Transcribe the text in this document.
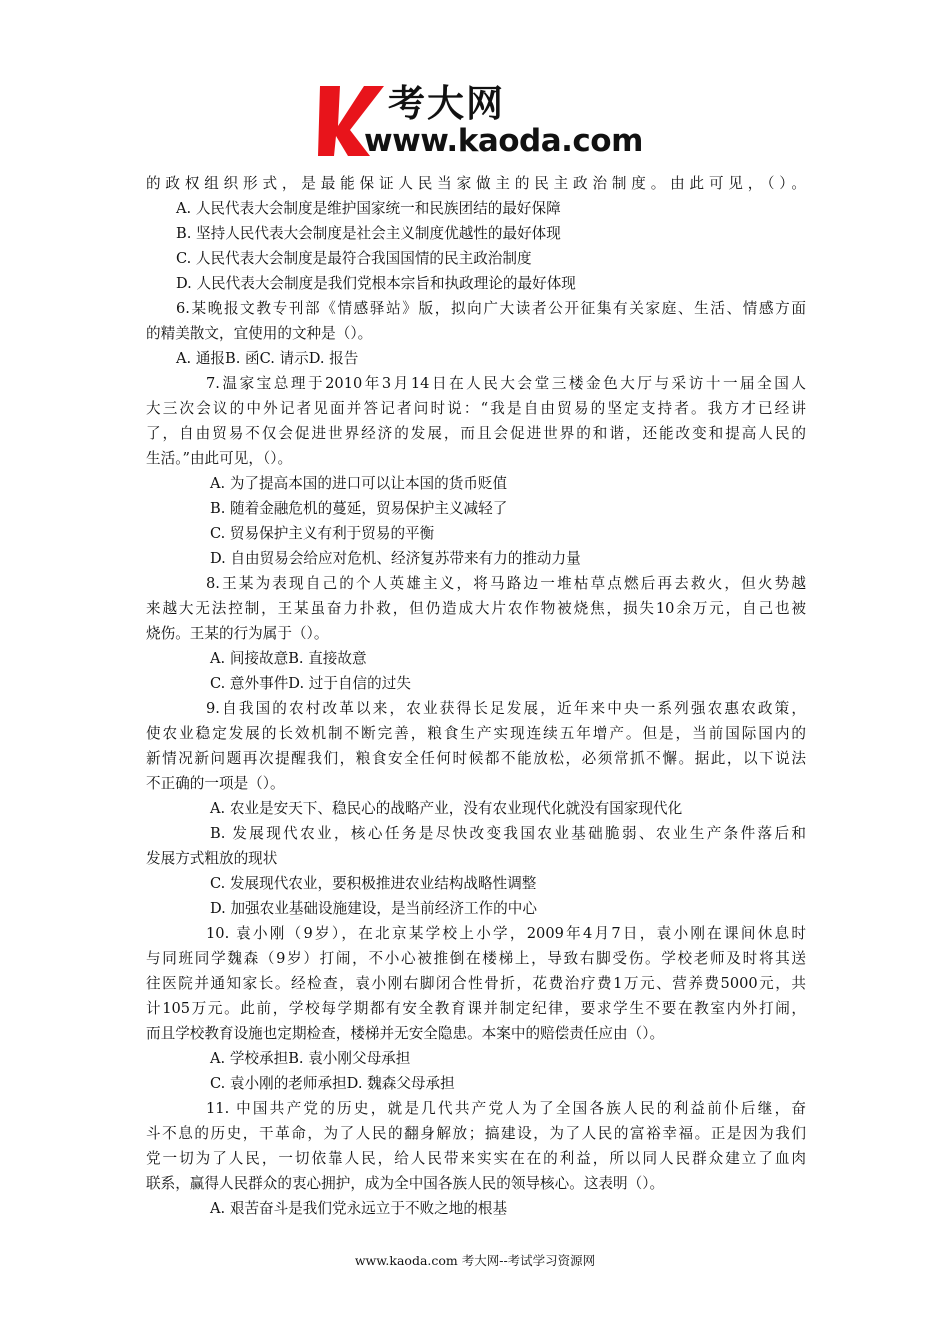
考大网
www.kaoda.com
的政权组织形式，是最能保证人民当家做主的民主政治制度。由此可见，（）。
A. 人民代表大会制度是维护国家统一和民族团结的最好保障
B. 坚持人民代表大会制度是社会主义制度优越性的最好体现
C. 人民代表大会制度是最符合我国国情的民主政治制度
D. 人民代表大会制度是我们党根本宗旨和执政理论的最好体现
6.某晚报文教专刊部《情感驿站》版，拟向广大读者公开征集有关家庭、生活、情感方面
的精美散文，宜使用的文种是（）。
A. 通报B. 函C. 请示D. 报告
7.温家宝总理于2010年3月14日在人民大会堂三楼金色大厅与采访十一届全国人
大三次会议的中外记者见面并答记者问时说：“我是自由贸易的坚定支持者。我方才已经讲
了，自由贸易不仅会促进世界经济的发展，而且会促进世界的和谐，还能改变和提高人民的
生活。”由此可见，（）。
A. 为了提高本国的进口可以让本国的货币贬值
B. 随着金融危机的蔓延，贸易保护主义减轻了
C. 贸易保护主义有利于贸易的平衡
D. 自由贸易会给应对危机、经济复苏带来有力的推动力量
8.王某为表现自己的个人英雄主义，将马路边一堆枯草点燃后再去救火，但火势越
来越大无法控制，王某虽奋力扑救，但仍造成大片农作物被烧焦，损失10余万元，自己也被
烧伤。王某的行为属于（）。
A. 间接故意B. 直接故意
C. 意外事件D. 过于自信的过失
9.自我国的农村改革以来，农业获得长足发展，近年来中央一系列强农惠农政策，
使农业稳定发展的长效机制不断完善，粮食生产实现连续五年增产。但是，当前国际国内的
新情况新问题再次提醒我们，粮食安全任何时候都不能放松，必须常抓不懈。据此，以下说法
不正确的一项是（）。
A. 农业是安天下、稳民心的战略产业，没有农业现代化就没有国家现代化
B. 发展现代农业，核心任务是尽快改变我国农业基础脆弱、农业生产条件落后和
发展方式粗放的现状
C. 发展现代农业，要积极推进农业结构战略性调整
D. 加强农业基础设施建设，是当前经济工作的中心
10. 袁小刚（9岁），在北京某学校上小学，2009年4月7日，袁小刚在课间休息时
与同班同学魏森（9岁）打闹，不小心被推倒在楼梯上，导致右脚受伤。学校老师及时将其送
往医院并通知家长。经检查，袁小刚右脚闭合性骨折，花费治疗费1万元、营养费5000元，共
计105万元。此前，学校每学期都有安全教育课并制定纪律，要求学生不要在教室内外打闹，
而且学校教育设施也定期检查，楼梯并无安全隐患。本案中的赔偿责任应由（）。
A. 学校承担B. 袁小刚父母承担
C. 袁小刚的老师承担D. 魏森父母承担
11. 中国共产党的历史，就是几代共产党人为了全国各族人民的利益前仆后继，奋
斗不息的历史，干革命，为了人民的翻身解放；搞建设，为了人民的富裕幸福。正是因为我们
党一切为了人民，一切依靠人民，给人民带来实实在在的利益，所以同人民群众建立了血肉
联系，赢得人民群众的衷心拥护，成为全中国各族人民的领导核心。这表明（）。
A. 艰苦奋斗是我们党永远立于不败之地的根基
www.kaoda.com 考大网--考试学习资源网
